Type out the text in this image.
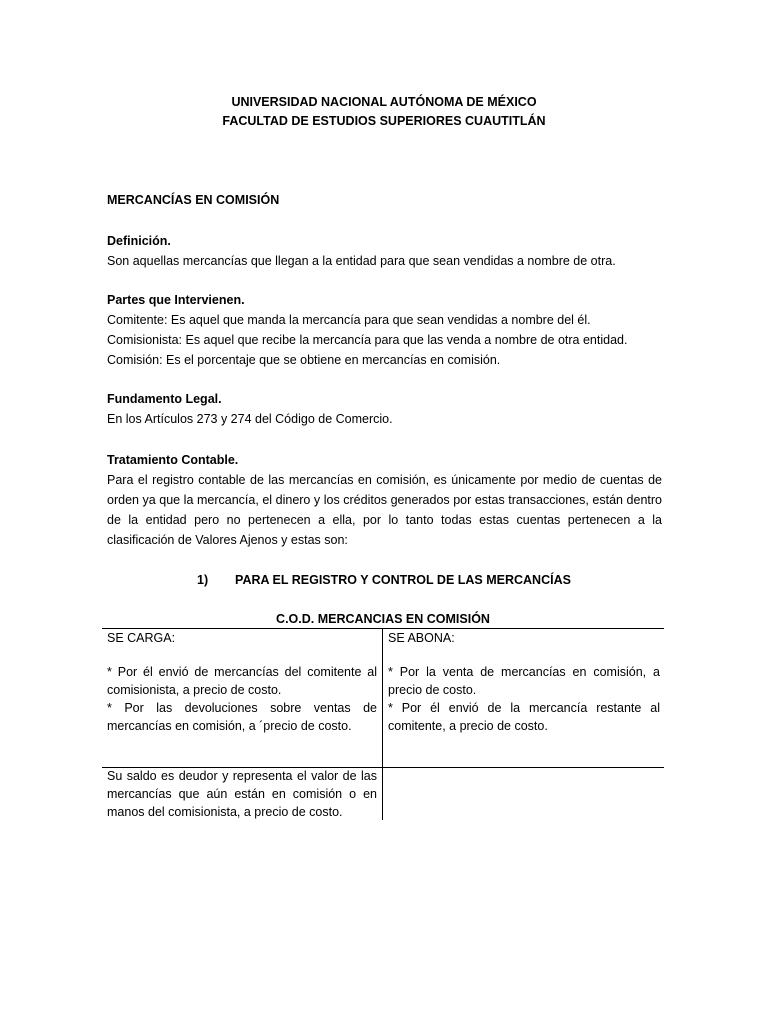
UNIVERSIDAD NACIONAL AUTÓNOMA DE MÉXICO
FACULTAD DE ESTUDIOS SUPERIORES CUAUTITLÁN
MERCANCÍAS EN COMISIÓN
Definición.
Son aquellas mercancías que llegan a la entidad para que sean vendidas a nombre de otra.
Partes que Intervienen.
Comitente: Es aquel que manda la mercancía para que sean vendidas a nombre del él.
Comisionista: Es aquel que recibe la mercancía para que las venda a nombre de otra entidad.
Comisión: Es el porcentaje que se obtiene en mercancías en comisión.
Fundamento Legal.
En los Artículos 273 y 274 del Código de Comercio.
Tratamiento Contable.
Para el registro contable de las mercancías en comisión, es únicamente por medio de cuentas de orden ya que la mercancía, el dinero y los créditos generados por estas transacciones, están dentro de la entidad pero no pertenecen a ella, por lo tanto todas estas cuentas pertenecen a la clasificación de Valores Ajenos y estas son:
1) PARA EL REGISTRO Y CONTROL DE LAS MERCANCÍAS
C.O.D. MERCANCIAS EN COMISIÓN
SE CARGA:

* Por él envió de mercancías del comitente al comisionista, a precio de costo.

* Por las devoluciones sobre ventas de mercancías en comisión, a ´precio de costo.

SE ABONA:

* Por la venta de mercancías en comisión, a precio de costo.

* Por él envió de la mercancía restante al comitente, a precio de costo.

Su saldo es deudor y representa el valor de las mercancías que aún están en comisión o en manos del comisionista, a precio de costo.
